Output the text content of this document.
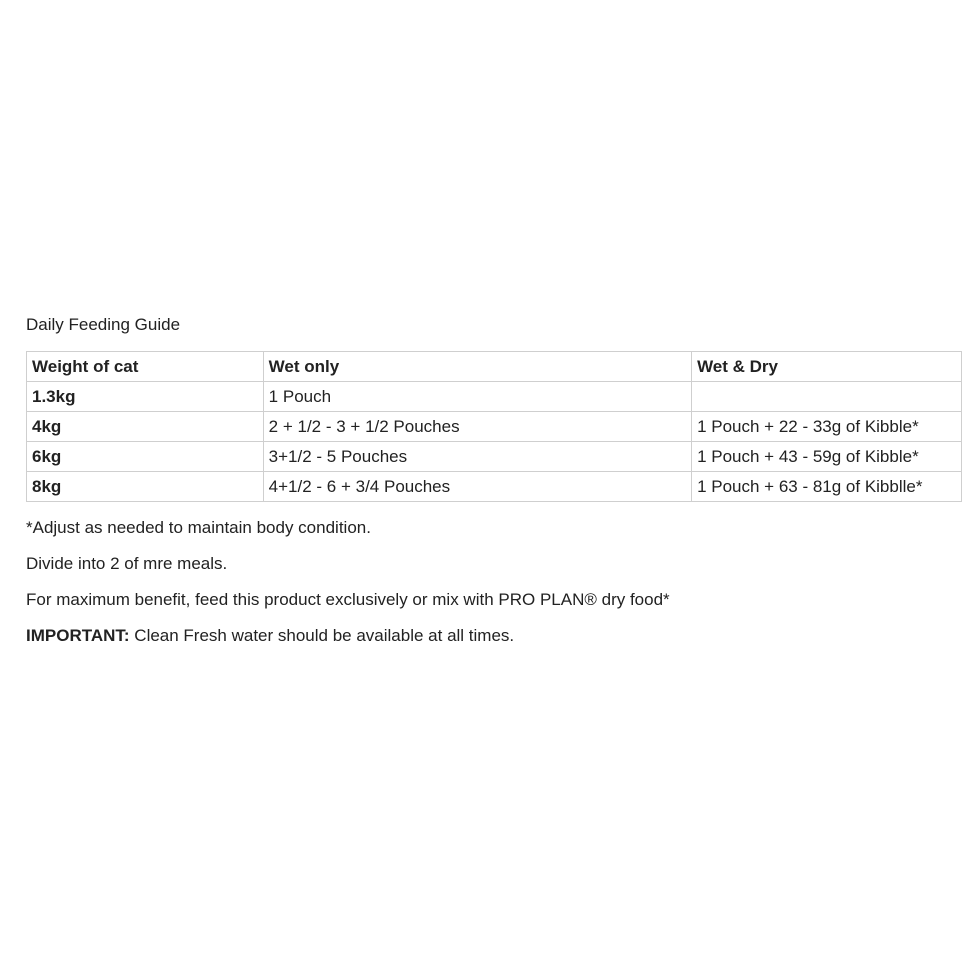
Daily Feeding Guide
Weight of cat	Wet only	Wet & Dry
1.3kg	1 Pouch	
4kg	2 + 1/2 - 3 + 1/2 Pouches	1 Pouch + 22 - 33g of Kibble*
6kg	3+1/2 - 5 Pouches	1 Pouch + 43 - 59g of Kibble*
8kg	4+1/2 - 6 + 3/4 Pouches	1 Pouch + 63 - 81g of Kibblle*

*Adjust as needed to maintain body condition.

Divide into 2 of mre meals.

For maximum benefit, feed this product exclusively or mix with PRO PLAN® dry food*

IMPORTANT: Clean Fresh water should be available at all times.
